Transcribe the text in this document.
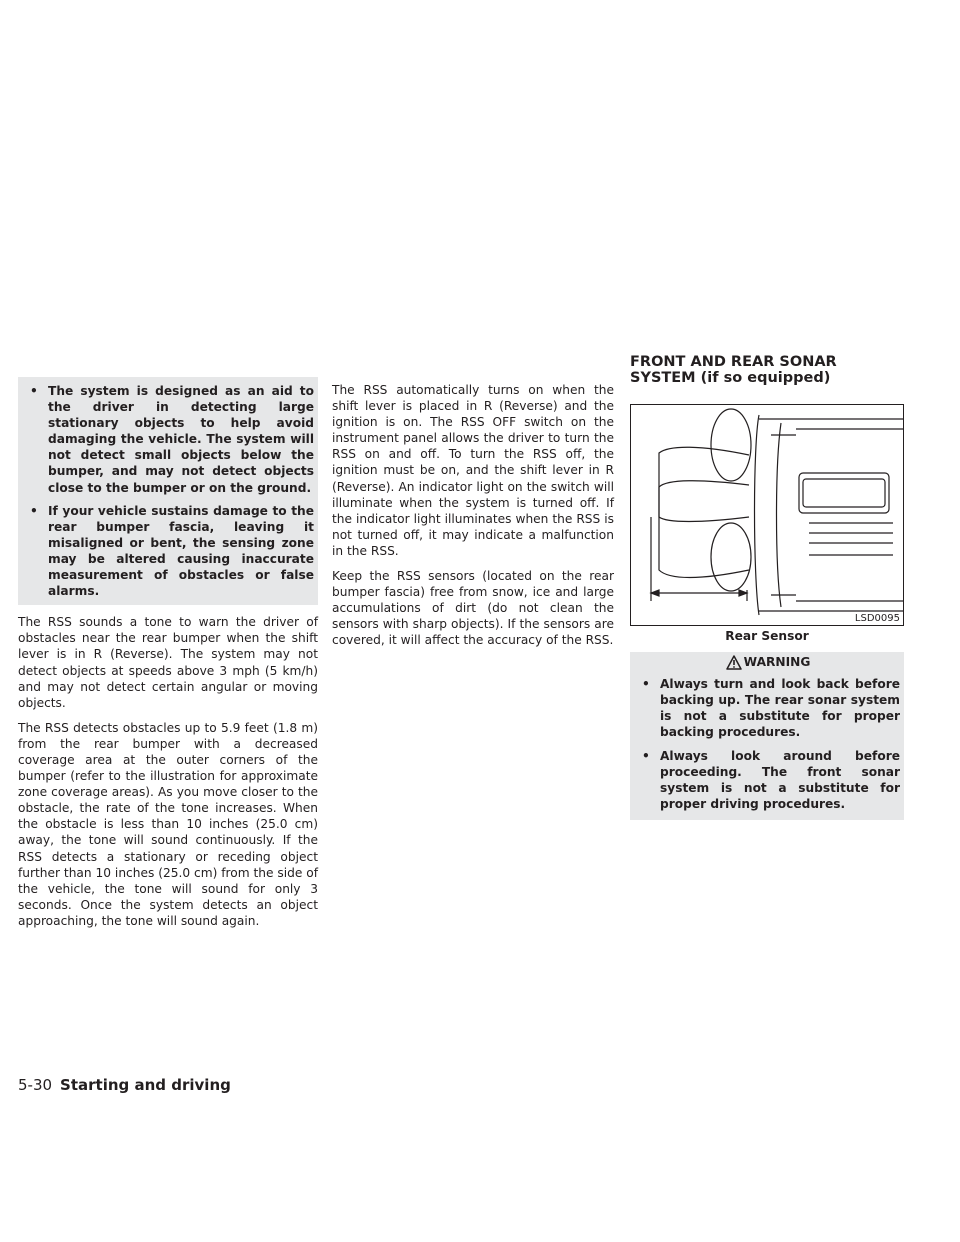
• The system is designed as an aid to the driver in detecting large stationary objects to help avoid damaging the vehicle. The system will not detect small objects below the bumper, and may not detect objects close to the bumper or on the ground.
• If your vehicle sustains damage to the rear bumper fascia, leaving it misaligned or bent, the sensing zone may be altered causing inaccurate measurement of obstacles or false alarms.

The RSS sounds a tone to warn the driver of obstacles near the rear bumper when the shift lever is in R (Reverse). The system may not detect objects at speeds above 3 mph (5 km/h) and may not detect certain angular or moving objects.

The RSS detects obstacles up to 5.9 feet (1.8 m) from the rear bumper with a decreased coverage area at the outer corners of the bumper (refer to the illustration for approximate zone coverage areas). As you move closer to the obstacle, the rate of the tone increases. When the obstacle is less than 10 inches (25.0 cm) away, the tone will sound continuously. If the RSS detects a stationary or receding object further than 10 inches (25.0 cm) from the side of the vehicle, the tone will sound for only 3 seconds. Once the system detects an object approaching, the tone will sound again.

The RSS automatically turns on when the shift lever is placed in R (Reverse) and the ignition is on. The RSS OFF switch on the instrument panel allows the driver to turn the RSS on and off. To turn the RSS off, the ignition must be on, and the shift lever in R (Reverse). An indicator light on the switch will illuminate when the system is turned off. If the indicator light illuminates when the RSS is not turned off, it may indicate a malfunction in the RSS.

Keep the RSS sensors (located on the rear bumper fascia) free from snow, ice and large accumulations of dirt (do not clean the sensors with sharp objects). If the sensors are covered, it will affect the accuracy of the RSS.

FRONT AND REAR SONAR SYSTEM (if so equipped)
LSD0095
Rear Sensor
WARNING
• Always turn and look back before backing up. The rear sonar system is not a substitute for proper backing procedures.
• Always look around before proceeding. The front sonar system is not a substitute for proper driving procedures.
5-30 Starting and driving
